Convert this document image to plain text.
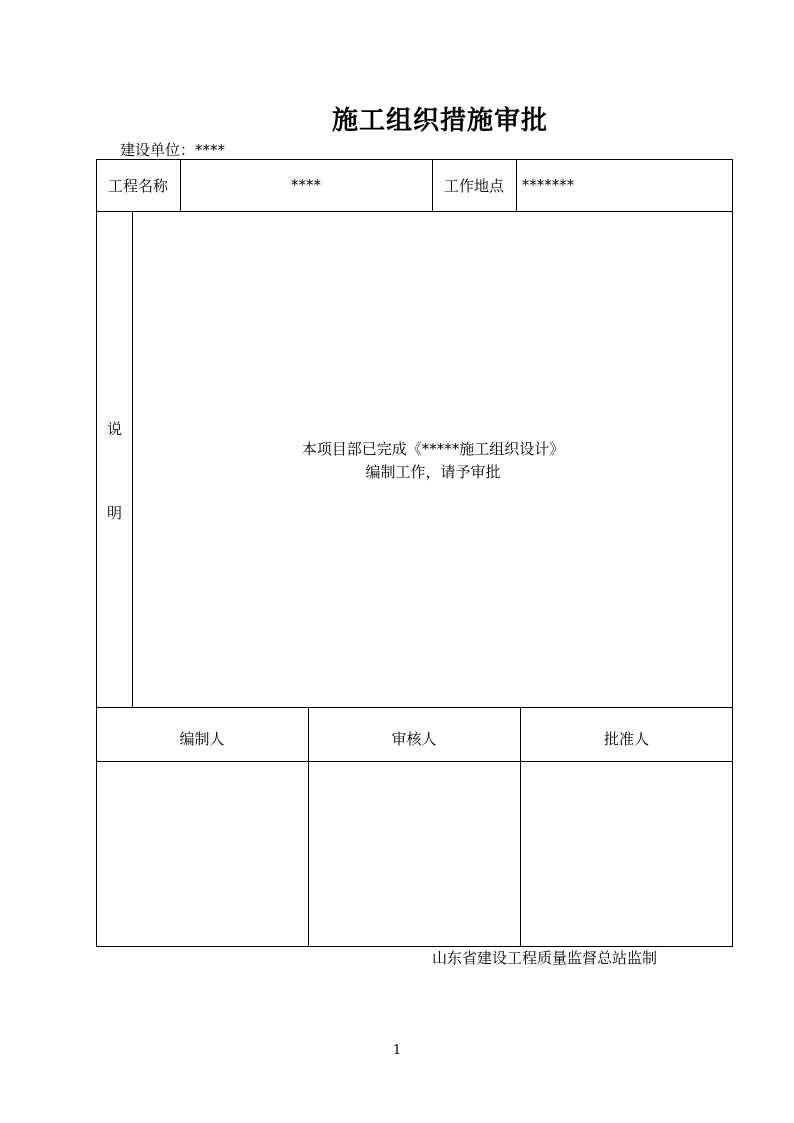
施工组织措施审批
建设单位：****
工程名称	****	工作地点	*******
说
明
本项目部已完成《*****施工组织设计》
编制工作，请予审批
编制人	审核人	批准人
山东省建设工程质量监督总站监制
1
